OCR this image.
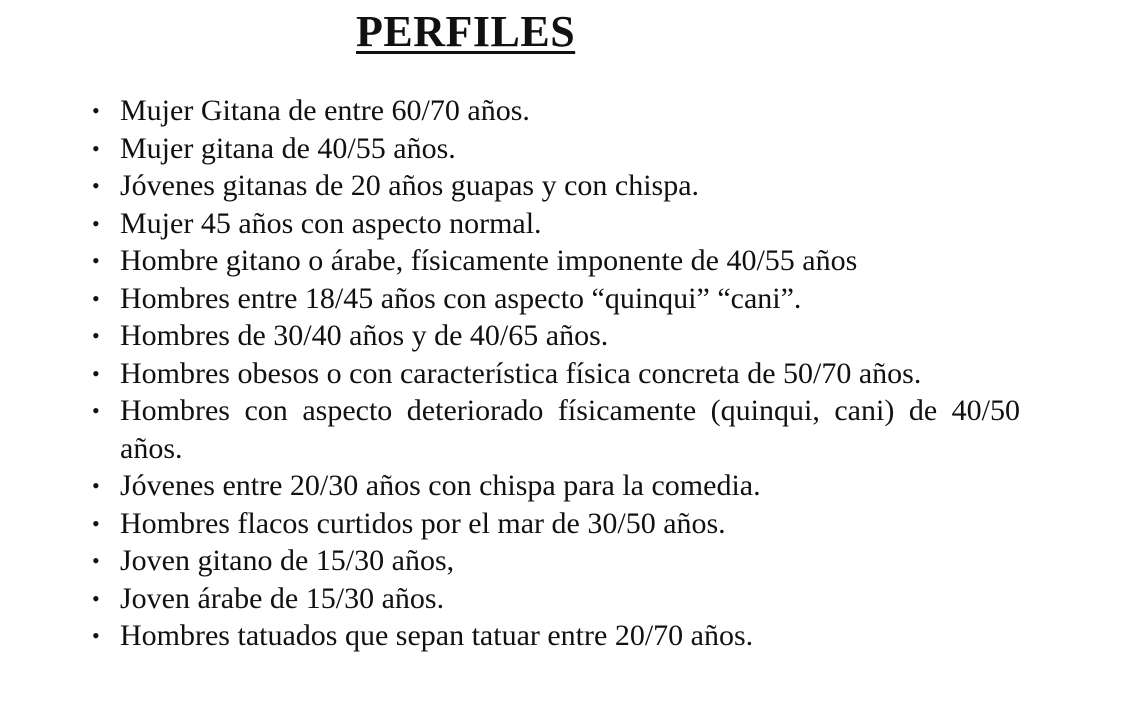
PERFILES
• Mujer Gitana de entre 60/70 años.
• Mujer gitana de 40/55 años.
• Jóvenes gitanas de 20 años guapas y con chispa.
• Mujer 45 años con aspecto normal.
• Hombre gitano o árabe, físicamente imponente de 40/55 años
• Hombres entre 18/45 años con aspecto “quinqui” “cani”.
• Hombres de 30/40 años y de 40/65 años.
• Hombres obesos o con característica física concreta de 50/70 años.
• Hombres con aspecto deteriorado físicamente (quinqui, cani) de 40/50 años.
• Jóvenes entre 20/30 años con chispa para la comedia.
• Hombres flacos curtidos por el mar de 30/50 años.
• Joven gitano de 15/30 años,
• Joven árabe de 15/30 años.
• Hombres tatuados que sepan tatuar entre 20/70 años.
